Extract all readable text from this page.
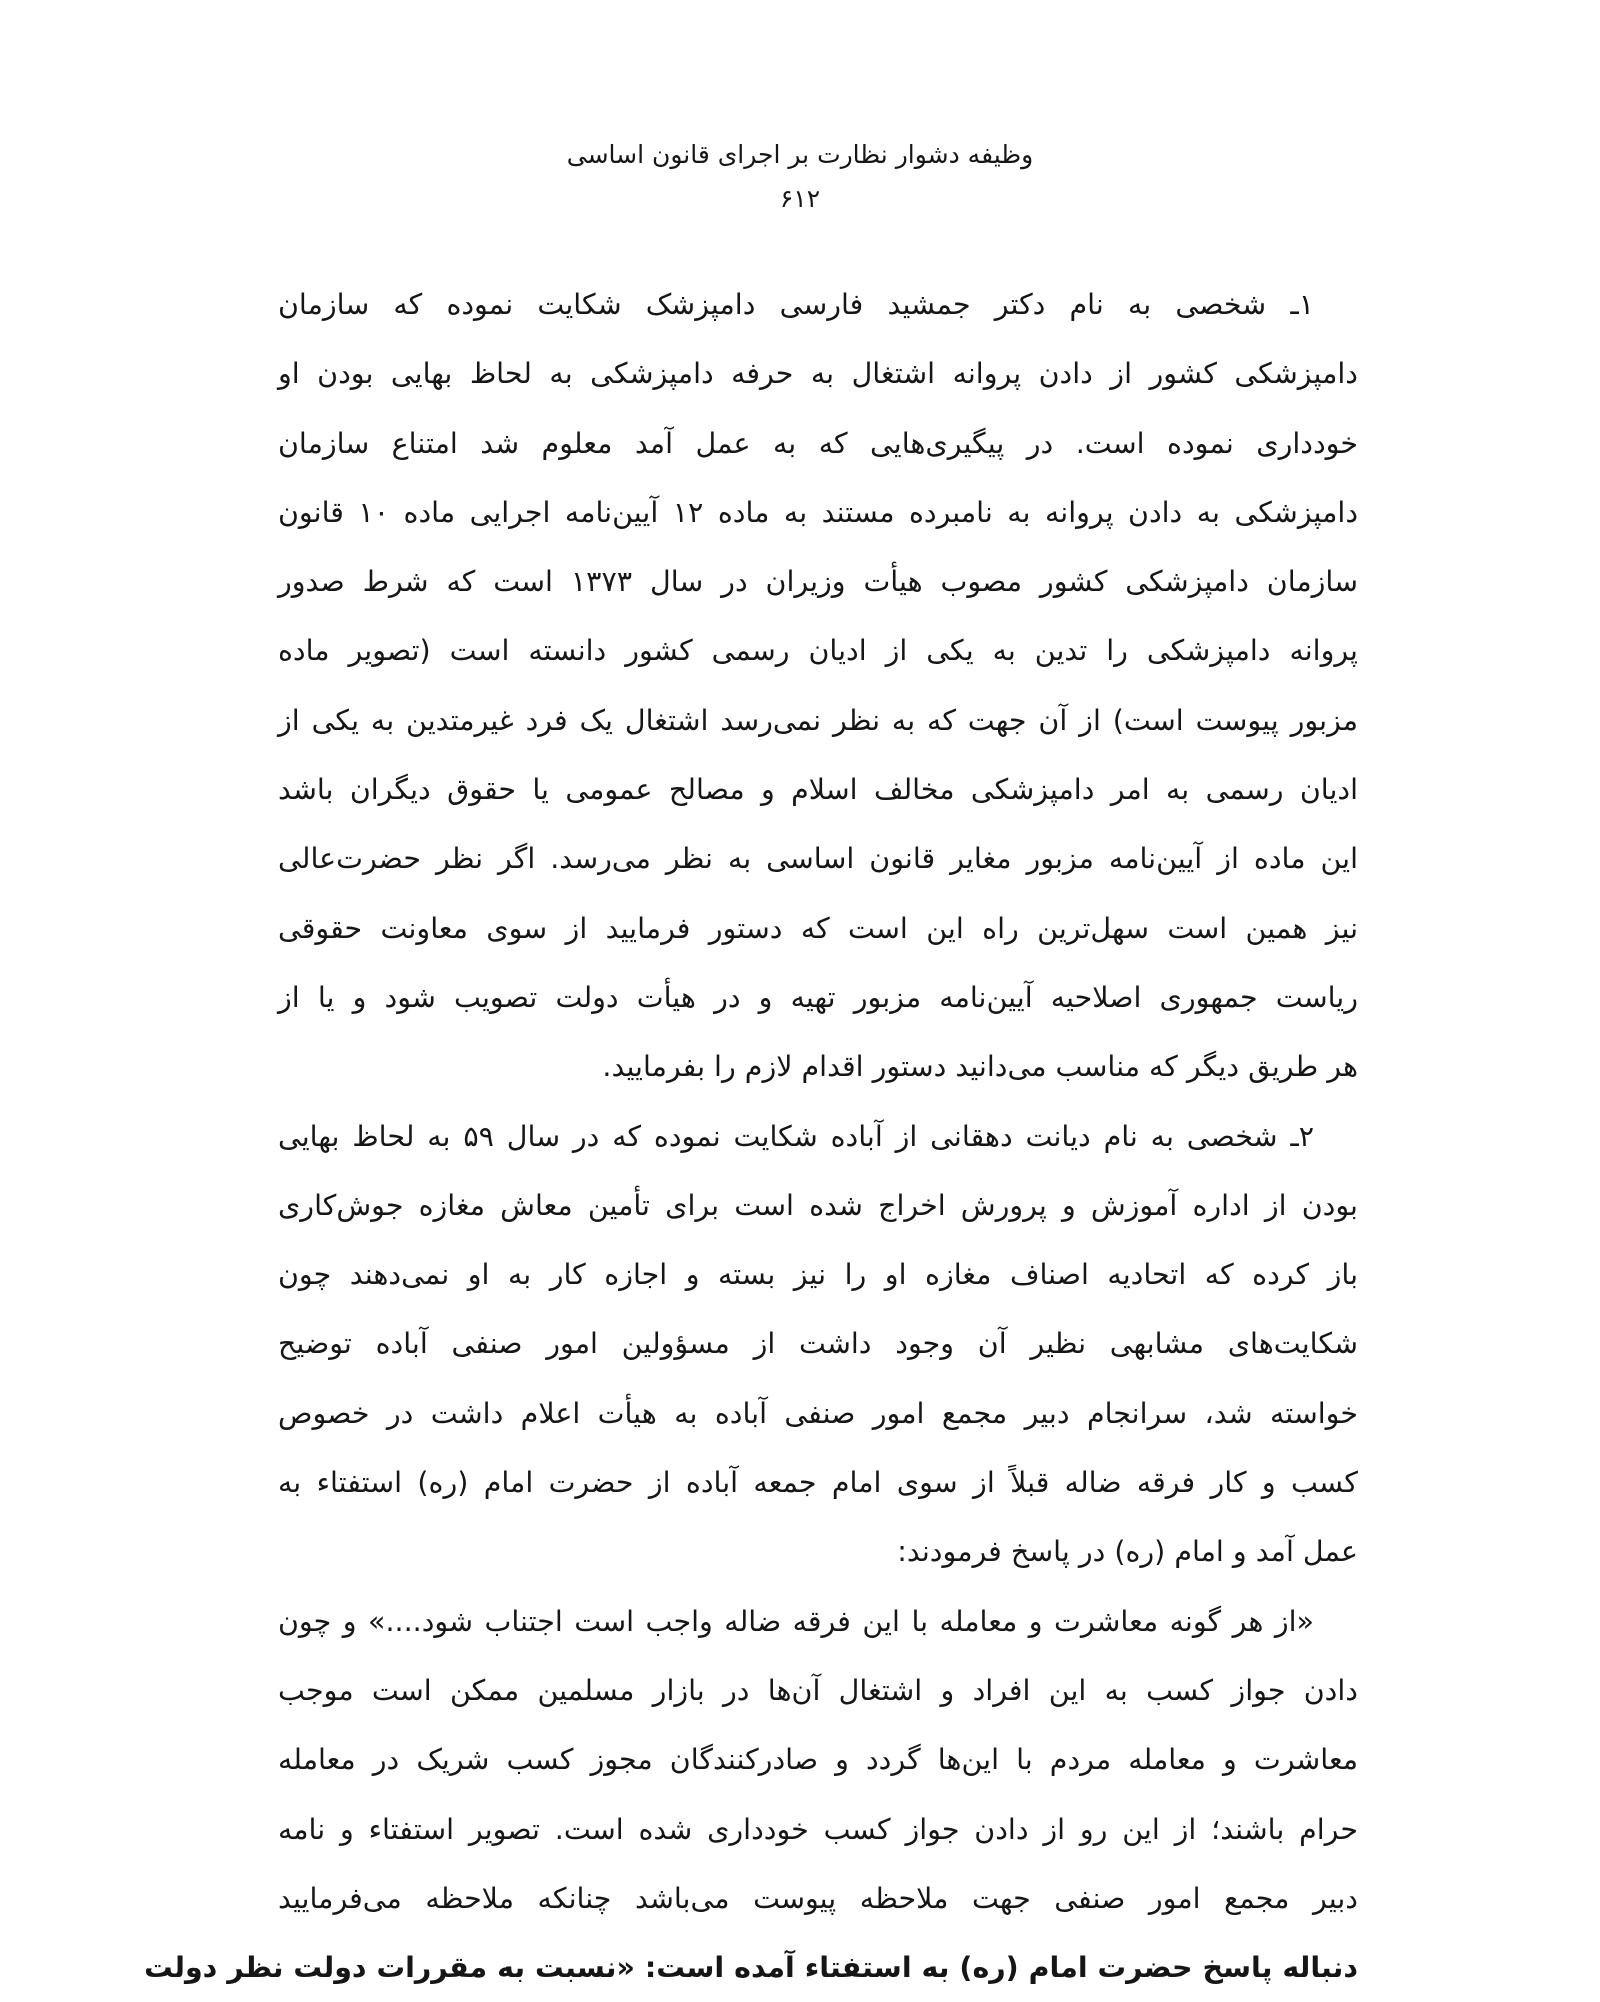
وظیفه دشوار نظارت بر اجرای قانون اساسی
۶۱۲
۱ـ شخصی به نام دکتر جمشید فارسی دامپزشک شکایت نموده که سازمان
دامپزشکی کشور از دادن پروانه اشتغال به حرفه دامپزشکی به لحاظ بهایی بودن او
خودداری نموده است. در پیگیری‌هایی که به عمل آمد معلوم شد امتناع سازمان
دامپزشکی به دادن پروانه به نامبرده مستند به ماده ۱۲ آیین‌نامه اجرایی ماده ۱۰ قانون
سازمان دامپزشکی کشور مصوب هیأت وزیران در سال ۱۳۷۳ است که شرط صدور
پروانه دامپزشکی را تدین به یکی از ادیان رسمی کشور دانسته است (تصویر ماده
مزبور پیوست است) از آن جهت که به نظر نمی‌رسد اشتغال یک فرد غیرمتدین به یکی از
ادیان رسمی به امر دامپزشکی مخالف اسلام و مصالح عمومی یا حقوق دیگران باشد
این ماده از آیین‌نامه مزبور مغایر قانون اساسی به نظر می‌رسد. اگر نظر حضرت‌عالی
نیز همین است سهل‌ترین راه این است که دستور فرمایید از سوی معاونت حقوقی
ریاست جمهوری اصلاحیه آیین‌نامه مزبور تهیه و در هیأت دولت تصویب شود و یا از
هر طریق دیگر که مناسب می‌دانید دستور اقدام لازم را بفرمایید.
۲ـ شخصی به نام دیانت دهقانی از آباده شکایت نموده که در سال ۵۹ به لحاظ بهایی
بودن از اداره آموزش و پرورش اخراج شده است برای تأمین معاش مغازه جوش‌کاری
باز کرده که اتحادیه اصناف مغازه او را نیز بسته و اجازه کار به او نمی‌دهند چون
شکایت‌های مشابهی نظیر آن وجود داشت از مسؤولین امور صنفی آباده توضیح
خواسته شد، سرانجام دبیر مجمع امور صنفی آباده به هیأت اعلام داشت در خصوص
کسب و کار فرقه ضاله قبلاً از سوی امام جمعه آباده از حضرت امام (ره) استفتاء به
عمل آمد و امام (ره) در پاسخ فرمودند:
«از هر گونه معاشرت و معامله با این فرقه ضاله واجب است اجتناب شود....» و چون
دادن جواز کسب به این افراد و اشتغال آن‌ها در بازار مسلمین ممکن است موجب
معاشرت و معامله مردم با این‌ها گردد و صادرکنندگان مجوز کسب شریک در معامله
حرام باشند؛ از این رو از دادن جواز کسب خودداری شده است. تصویر استفتاء و نامه
دبیر مجمع امور صنفی جهت ملاحظه پیوست می‌باشد چنانکه ملاحظه می‌فرمایید
دنباله پاسخ حضرت امام (ره) به استفتاء آمده است: «نسبت به مقررات دولت نظر دولت
